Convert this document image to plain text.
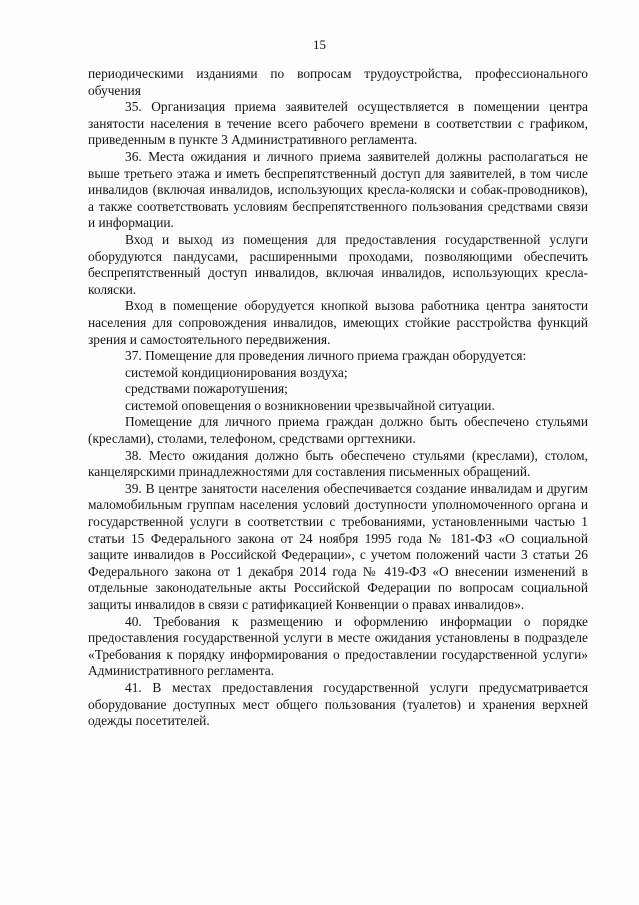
15

периодическими изданиями по вопросам трудоустройства, профессионального обучения

35. Организация приема заявителей осуществляется в помещении центра занятости населения в течение всего рабочего времени в соответствии с графиком, приведенным в пункте 3 Административного регламента.

36. Места ожидания и личного приема заявителей должны располагаться не выше третьего этажа и иметь беспрепятственный доступ для заявителей, в том числе инвалидов (включая инвалидов, использующих кресла-коляски и собак-проводников), а также соответствовать условиям беспрепятственного пользования средствами связи и информации.

Вход и выход из помещения для предоставления государственной услуги оборудуются пандусами, расширенными проходами, позволяющими обеспечить беспрепятственный доступ инвалидов, включая инвалидов, использующих кресла-коляски.

Вход в помещение оборудуется кнопкой вызова работника центра занятости населения для сопровождения инвалидов, имеющих стойкие расстройства функций зрения и самостоятельного передвижения.

37. Помещение для проведения личного приема граждан оборудуется:

системой кондиционирования воздуха;

средствами пожаротушения;

системой оповещения о возникновении чрезвычайной ситуации.

Помещение для личного приема граждан должно быть обеспечено стульями (креслами), столами, телефоном, средствами оргтехники.

38. Место ожидания должно быть обеспечено стульями (креслами), столом, канцелярскими принадлежностями для составления письменных обращений.

39. В центре занятости населения обеспечивается создание инвалидам и другим маломобильным группам населения условий доступности уполномоченного органа и государственной услуги в соответствии с требованиями, установленными частью 1 статьи 15 Федерального закона от 24 ноября 1995 года № 181-ФЗ «О социальной защите инвалидов в Российской Федерации», с учетом положений части 3 статьи 26 Федерального закона от 1 декабря 2014 года № 419-ФЗ «О внесении изменений в отдельные законодательные акты Российской Федерации по вопросам социальной защиты инвалидов в связи с ратификацией Конвенции о правах инвалидов».

40. Требования к размещению и оформлению информации о порядке предоставления государственной услуги в месте ожидания установлены в подразделе «Требования к порядку информирования о предоставлении государственной услуги» Административного регламента.

41. В местах предоставления государственной услуги предусматривается оборудование доступных мест общего пользования (туалетов) и хранения верхней одежды посетителей.
